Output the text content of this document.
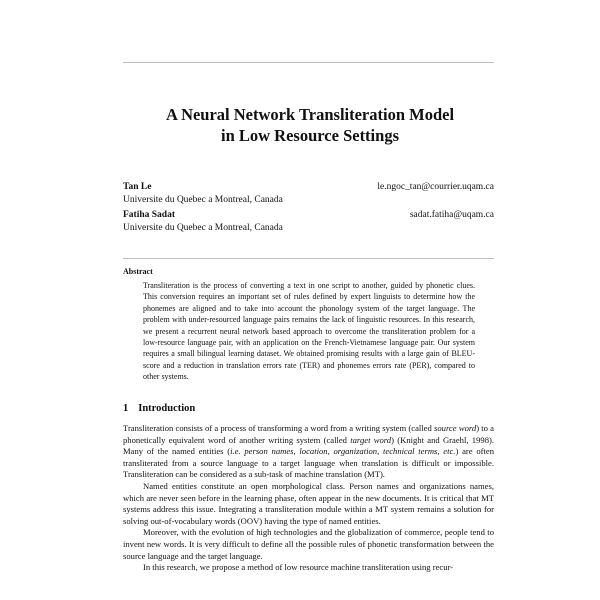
A Neural Network Transliteration Model
in Low Resource Settings
Tan Le
Universite du Quebec a Montreal, Canada
le.ngoc_tan@courrier.uqam.ca
Fatiha Sadat
Universite du Quebec a Montreal, Canada
sadat.fatiha@uqam.ca
Abstract
Transliteration is the process of converting a text in one script to another, guided by phonetic clues. This conversion requires an important set of rules defined by expert linguists to determine how the phonemes are aligned and to take into account the phonology system of the target language. The problem with under-resourced language pairs remains the lack of linguistic resources. In this research, we present a recurrent neural network based approach to overcome the transliteration problem for a low-resource language pair, with an application on the French-Vietnamese language pair. Our system requires a small bilingual learning dataset. We obtained promising results with a large gain of BLEU-score and a reduction in translation errors rate (TER) and phonemes errors rate (PER), compared to other systems.
1 Introduction

Transliteration consists of a process of transforming a word from a writing system (called source word) to a phonetically equivalent word of another writing system (called target word) (Knight and Graehl, 1998). Many of the named entities (i.e. person names, location, organization, technical terms, etc.) are often transliterated from a source language to a target language when translation is difficult or impossible. Transliteration can be considered as a sub-task of machine translation (MT).

Named entities constitute an open morphological class. Person names and organizations names, which are never seen before in the learning phase, often appear in the new documents. It is critical that MT systems address this issue. Integrating a transliteration module within a MT system remains a solution for solving out-of-vocabulary words (OOV) having the type of named entities.

Moreover, with the evolution of high technologies and the globalization of commerce, people tend to invent new words. It is very difficult to define all the possible rules of phonetic transformation between the source language and the target language.

In this research, we propose a method of low resource machine transliteration using recur-
